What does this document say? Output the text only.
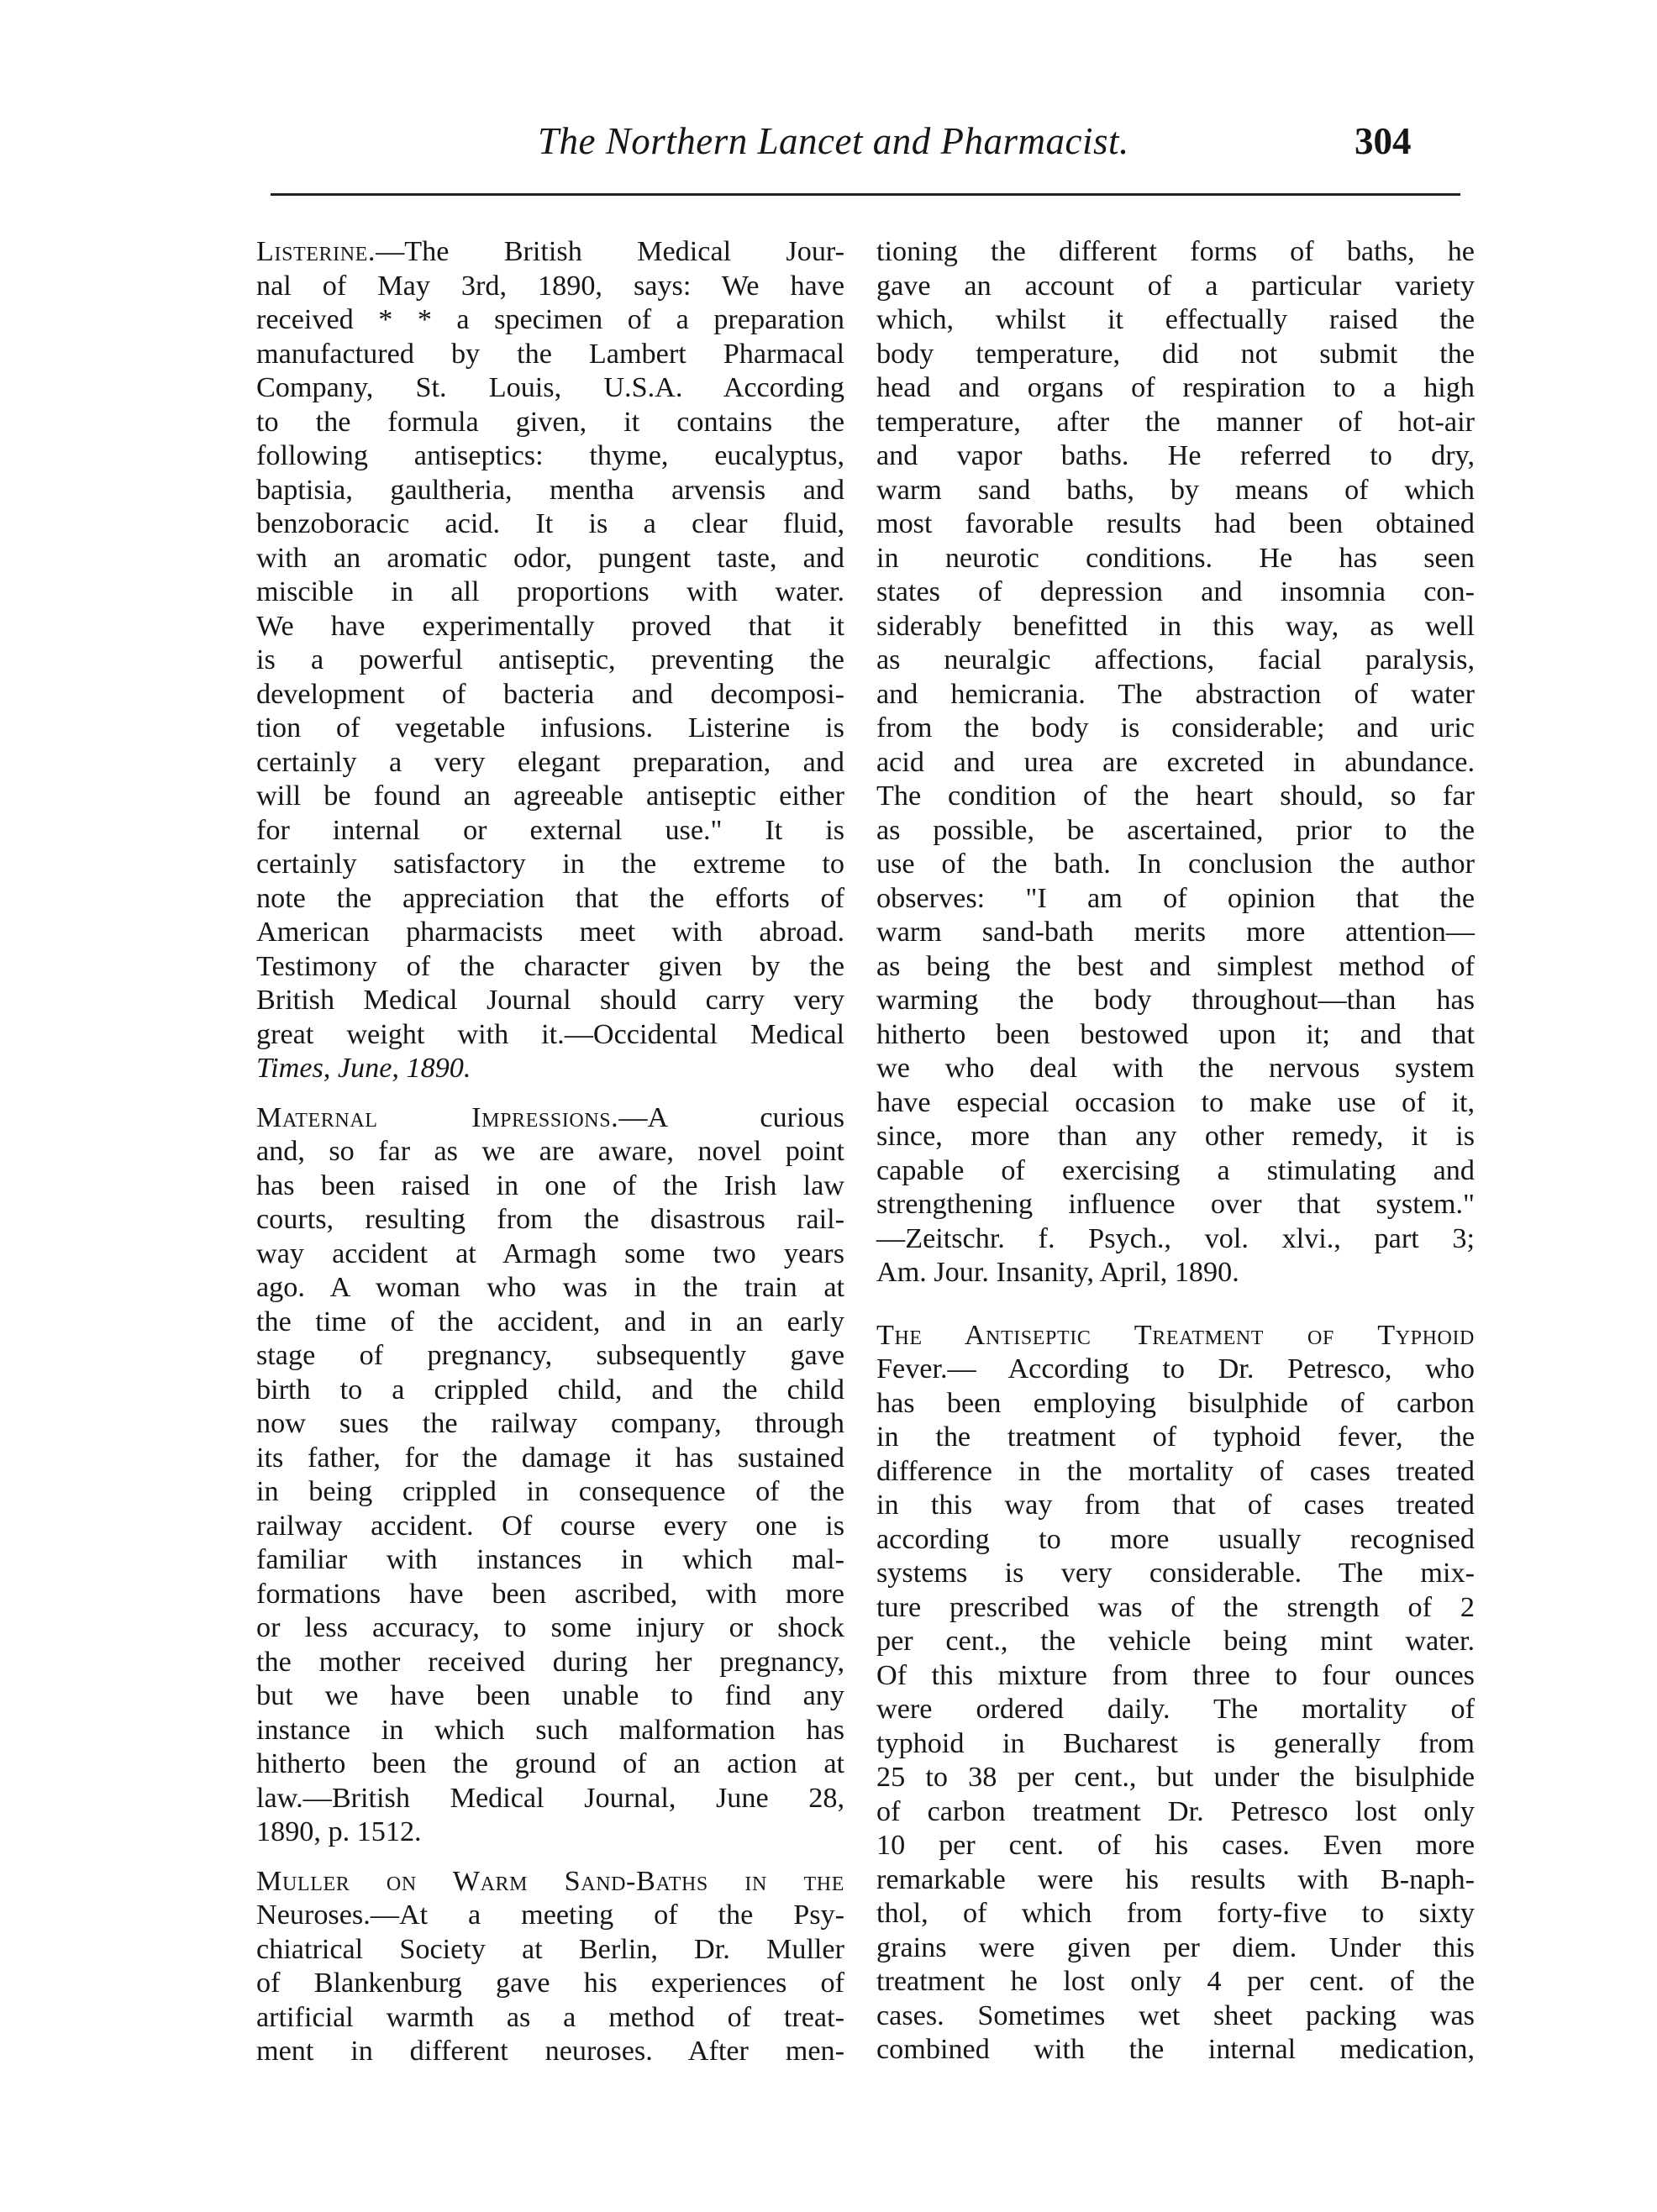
The Northern Lancet and Pharmacist.	304
Listerine.—The British Medical Jour-
nal of May 3rd, 1890, says: We have
received * * a specimen of a preparation
manufactured by the Lambert Pharmacal
Company, St. Louis, U.S.A. According
to the formula given, it contains the
following antiseptics: thyme, eucalyptus,
baptisia, gaultheria, mentha arvensis and
benzoboracic acid. It is a clear fluid,
with an aromatic odor, pungent taste, and
miscible in all proportions with water.
We have experimentally proved that it
is a powerful antiseptic, preventing the
development of bacteria and decomposi-
tion of vegetable infusions. Listerine is
certainly a very elegant preparation, and
will be found an agreeable antiseptic either
for internal or external use." It is
certainly satisfactory in the extreme to
note the appreciation that the efforts of
American pharmacists meet with abroad.
Testimony of the character given by the
British Medical Journal should carry very
great weight with it.—Occidental Medical
Times, June, 1890.
Maternal Impressions.—A curious
and, so far as we are aware, novel point
has been raised in one of the Irish law
courts, resulting from the disastrous rail-
way accident at Armagh some two years
ago. A woman who was in the train at
the time of the accident, and in an early
stage of pregnancy, subsequently gave
birth to a crippled child, and the child
now sues the railway company, through
its father, for the damage it has sustained
in being crippled in consequence of the
railway accident. Of course every one is
familiar with instances in which mal-
formations have been ascribed, with more
or less accuracy, to some injury or shock
the mother received during her pregnancy,
but we have been unable to find any
instance in which such malformation has
hitherto been the ground of an action at
law.—British Medical Journal, June 28,
1890, p. 1512.
Muller on Warm Sand-Baths in the
Neuroses.—At a meeting of the Psy-
chiatrical Society at Berlin, Dr. Muller
of Blankenburg gave his experiences of
artificial warmth as a method of treat-
ment in different neuroses. After men-
tioning the different forms of baths, he
gave an account of a particular variety
which, whilst it effectually raised the
body temperature, did not submit the
head and organs of respiration to a high
temperature, after the manner of hot-air
and vapor baths. He referred to dry,
warm sand baths, by means of which
most favorable results had been obtained
in neurotic conditions. He has seen
states of depression and insomnia con-
siderably benefitted in this way, as well
as neuralgic affections, facial paralysis,
and hemicrania. The abstraction of water
from the body is considerable; and uric
acid and urea are excreted in abundance.
The condition of the heart should, so far
as possible, be ascertained, prior to the
use of the bath. In conclusion the author
observes: "I am of opinion that the
warm sand-bath merits more attention—
as being the best and simplest method of
warming the body throughout—than has
hitherto been bestowed upon it; and that
we who deal with the nervous system
have especial occasion to make use of it,
since, more than any other remedy, it is
capable of exercising a stimulating and
strengthening influence over that system."
—Zeitschr. f. Psych., vol. xlvi., part 3;
Am. Jour. Insanity, April, 1890.
The Antiseptic Treatment of Typhoid
Fever.— According to Dr. Petresco, who
has been employing bisulphide of carbon
in the treatment of typhoid fever, the
difference in the mortality of cases treated
in this way from that of cases treated
according to more usually recognised
systems is very considerable. The mix-
ture prescribed was of the strength of 2
per cent., the vehicle being mint water.
Of this mixture from three to four ounces
were ordered daily. The mortality of
typhoid in Bucharest is generally from
25 to 38 per cent., but under the bisulphide
of carbon treatment Dr. Petresco lost only
10 per cent. of his cases. Even more
remarkable were his results with B-naph-
thol, of which from forty-five to sixty
grains were given per diem. Under this
treatment he lost only 4 per cent. of the
cases. Sometimes wet sheet packing was
combined with the internal medication,
